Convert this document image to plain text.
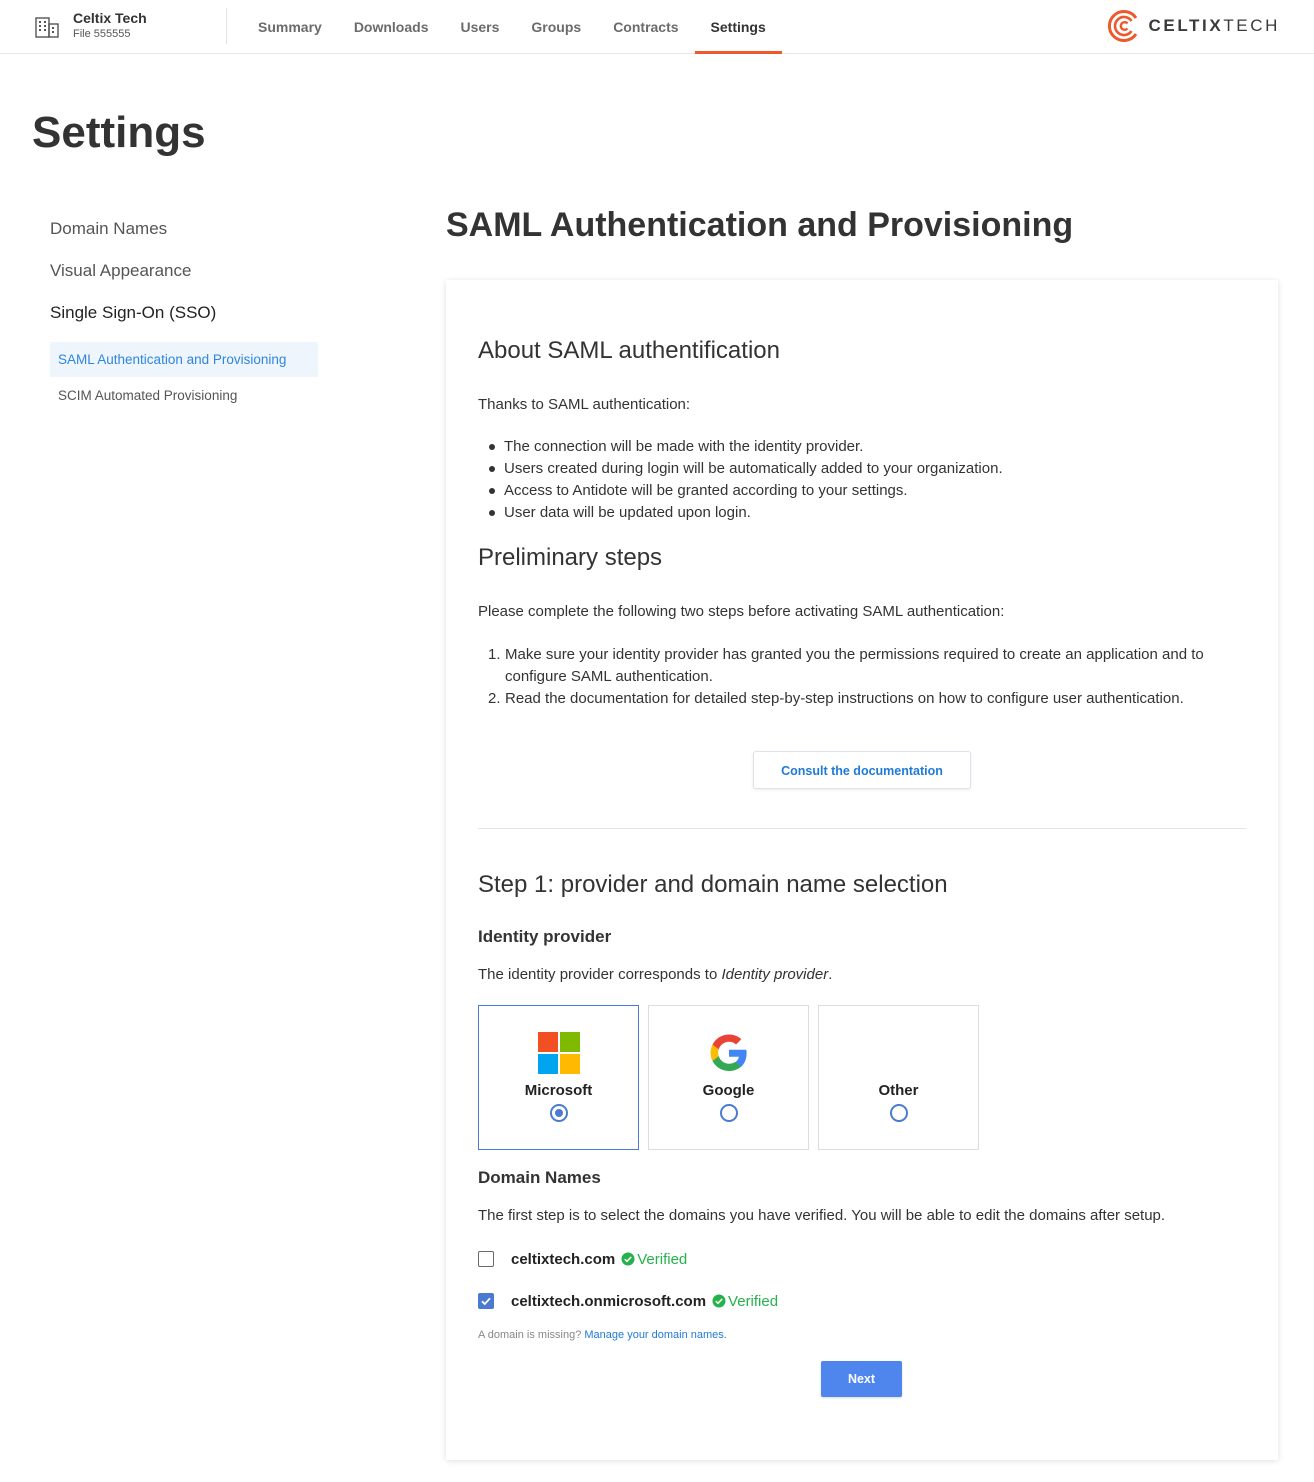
Celtix Tech
File 555555	Summary	Downloads	Users	Groups	Contracts	Settings	CELTIXTECH
Settings
Domain Names
Visual Appearance
Single Sign-On (SSO)
SAML Authentication and Provisioning
SCIM Automated Provisioning
SAML Authentication and Provisioning
About SAML authentification
Thanks to SAML authentication:
The connection will be made with the identity provider.
Users created during login will be automatically added to your organization.
Access to Antidote will be granted according to your settings.
User data will be updated upon login.
Preliminary steps
Please complete the following two steps before activating SAML authentication:
1. Make sure your identity provider has granted you the permissions required to create an application and to configure SAML authentication.
2. Read the documentation for detailed step-by-step instructions on how to configure user authentication.
Consult the documentation
Step 1: provider and domain name selection
Identity provider
The identity provider corresponds to Identity provider.
Microsoft	Google	Other
Domain Names
The first step is to select the domains you have verified. You will be able to edit the domains after setup.
celtixtech.com Verified
celtixtech.onmicrosoft.com Verified
A domain is missing? Manage your domain names.
Next
